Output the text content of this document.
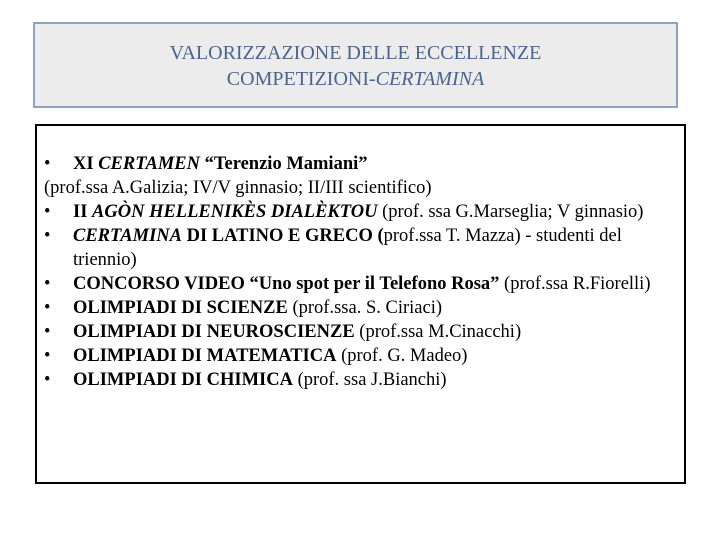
VALORIZZAZIONE DELLE ECCELLENZE
COMPETIZIONI-CERTAMINA
•	XI CERTAMEN “Terenzio Mamiani”
(prof.ssa A.Galizia; IV/V ginnasio; II/III scientifico)
•	II AGÒN HELLENIKÈS DIALÈKTOU (prof. ssa G.Marseglia; V ginnasio)
•	CERTAMINA DI LATINO E GRECO (prof.ssa T. Mazza) - studenti del triennio)
•	CONCORSO VIDEO “Uno spot per il Telefono Rosa” (prof.ssa R.Fiorelli)
•	OLIMPIADI DI SCIENZE (prof.ssa. S. Ciriaci)
•	OLIMPIADI DI NEUROSCIENZE (prof.ssa M.Cinacchi)
•	OLIMPIADI DI MATEMATICA (prof. G. Madeo)
•	OLIMPIADI DI CHIMICA (prof. ssa J.Bianchi)
